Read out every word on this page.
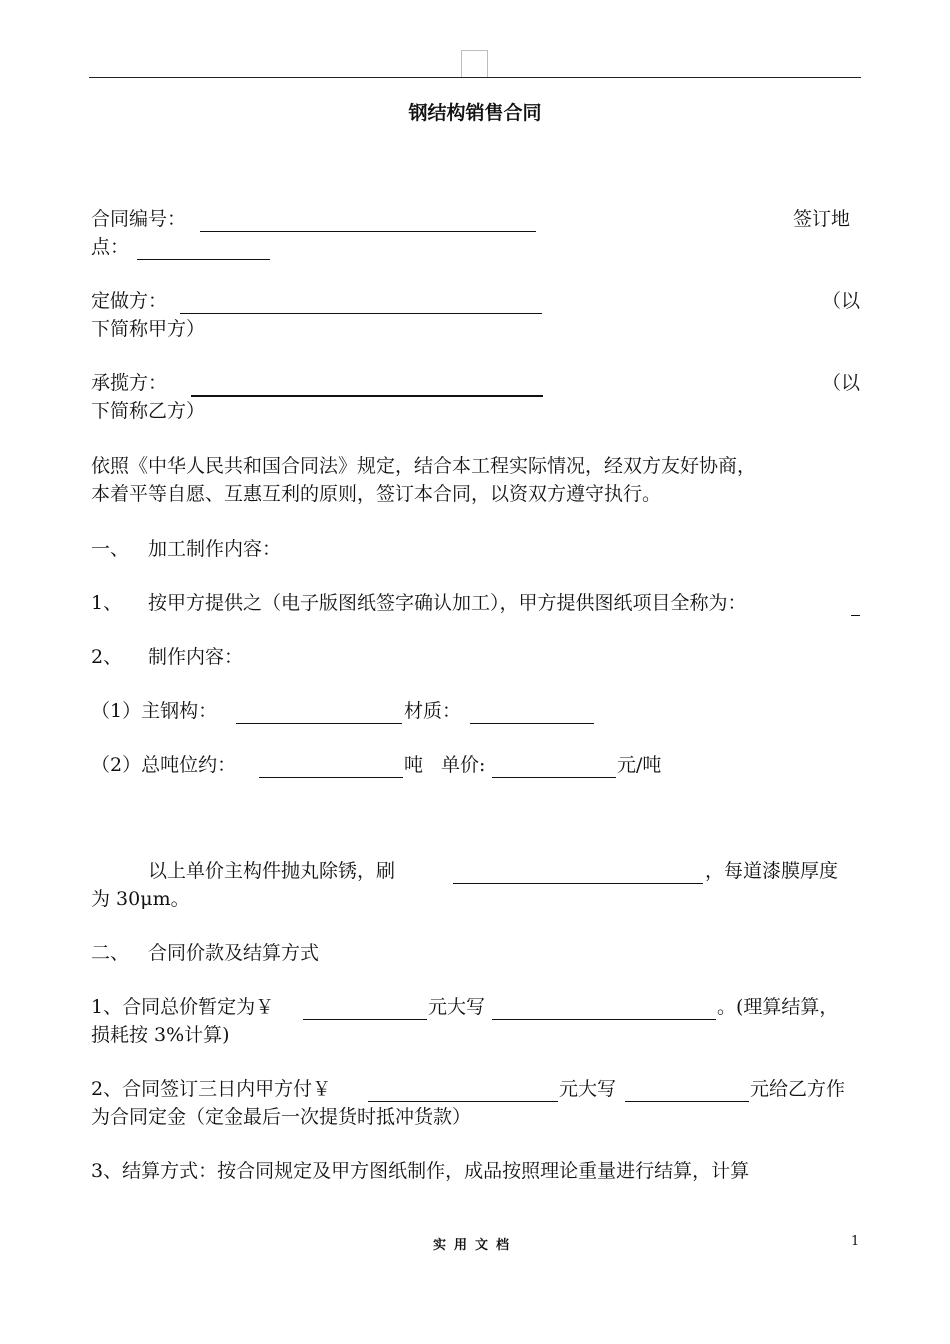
钢结构销售合同
合同编号：	签订地
点：
定做方：	（以
下简称甲方）
承揽方：	（以
下简称乙方）
依照《中华人民共和国合同法》规定，结合本工程实际情况，经双方友好协商，
本着平等自愿、互惠互利的原则，签订本合同，以资双方遵守执行。
一、 加工制作内容：
1、 按甲方提供之（电子版图纸签字确认加工），甲方提供图纸项目全称为：
2、 制作内容：
（1）主钢构：	材质：
（2）总吨位约：	吨 单价:	元/吨
以上单价主构件抛丸除锈，刷	，每道漆膜厚度
为 30μm。
二、 合同价款及结算方式
1、合同总价暂定为￥	元大写	。(理算结算，
损耗按 3%计算)
2、合同签订三日内甲方付￥	元大写	元给乙方作
为合同定金（定金最后一次提货时抵冲货款）
3、结算方式：按合同规定及甲方图纸制作，成品按照理论重量进行结算，计算
实用文档	1
